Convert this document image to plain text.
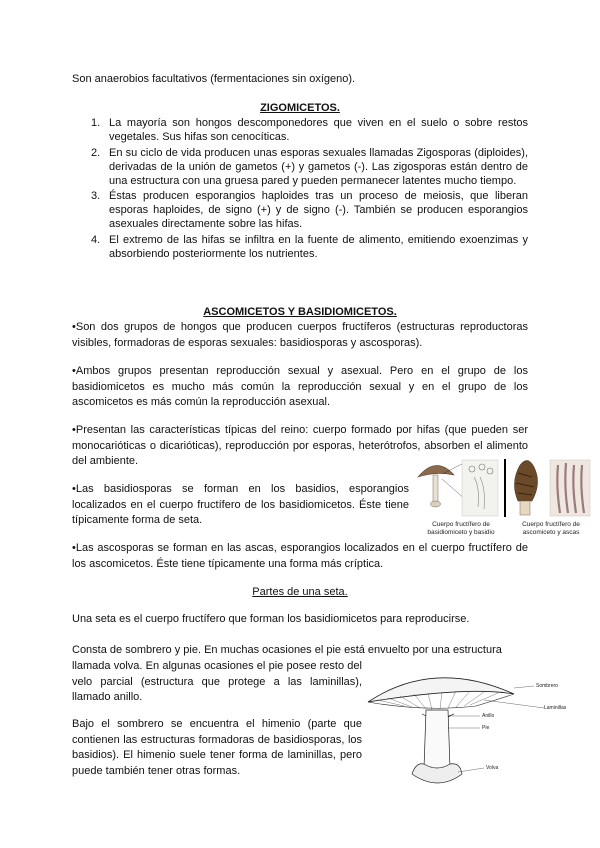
Son anaerobios facultativos (fermentaciones sin oxígeno).

ZIGOMICETOS.

1. La mayoría son hongos descomponedores que viven en el suelo o sobre restos vegetales. Sus hifas son cenocíticas.
2. En su ciclo de vida producen unas esporas sexuales llamadas Zigosporas (diploides), derivadas de la unión de gametos (+) y gametos (-). Las zigosporas están dentro de una estructura con una gruesa pared y pueden permanecer latentes mucho tiempo.
3. Éstas producen esporangios haploides tras un proceso de meiosis, que liberan esporas haploides, de signo (+) y de signo (-). También se producen esporangios asexuales directamente sobre las hifas.
4. El extremo de las hifas se infiltra en la fuente de alimento, emitiendo exoenzimas y absorbiendo posteriormente los nutrientes.

ASCOMICETOS Y BASIDIOMICETOS.

•Son dos grupos de hongos que producen cuerpos fructíferos (estructuras reproductoras visibles, formadoras de esporas sexuales: basidiosporas y ascosporas).

•Ambos grupos presentan reproducción sexual y asexual. Pero en el grupo de los basidiomicetos es mucho más común la reproducción sexual y en el grupo de los ascomicetos es más común la reproducción asexual.

•Presentan las características típicas del reino: cuerpo formado por hifas (que pueden ser monocarióticas o dicarióticas), reproducción por esporas, heterótrofos, absorben el alimento del ambiente.

•Las basidiosporas se forman en los basidios, esporangios localizados en el cuerpo fructífero de los basidiomicetos. Éste tiene típicamente forma de seta.

•Las ascosporas se forman en las ascas, esporangios localizados en el cuerpo fructífero de los ascomicetos. Éste tiene típicamente una forma más críptica.

Cuerpo fructífero de basidiomiceto y basidio
Cuerpo fructífero de ascomiceto y ascas

Partes de una seta.

Una seta es el cuerpo fructífero que forman los basidiomicetos para reproducirse.

Consta de sombrero y pie. En muchas ocasiones el pie está envuelto por una estructura

llamada volva. En algunas ocasiones el pie posee resto del velo parcial (estructura que protege a las laminillas), llamado anillo.

Bajo el sombrero se encuentra el himenio (parte que contienen las estructuras formadoras de basidiosporas, los basidios). El himenio suele tener forma de laminillas, pero puede también tener otras formas.

Sombrero
Laminillas
Anillo
Pie
Volva
